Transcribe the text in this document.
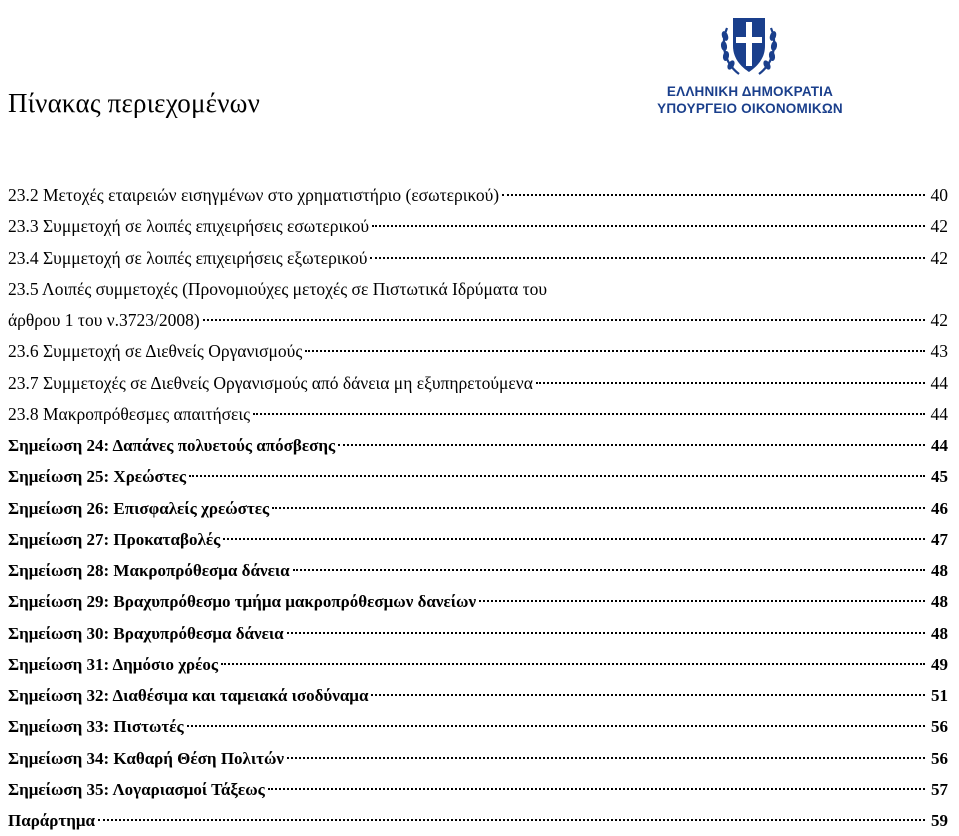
Πίνακας περιεχομένων	ΕΛΛΗΝΙΚΗ ΔΗΜΟΚΡΑΤΙΑ
ΥΠΟΥΡΓΕΙΟ ΟΙΚΟΝΟΜΙΚΩΝ
23.2 Μετοχές εταιρειών εισηγμένων στο χρηματιστήριο (εσωτερικού)	40
23.3 Συμμετοχή σε λοιπές επιχειρήσεις εσωτερικού	42
23.4 Συμμετοχή σε λοιπές επιχειρήσεις εξωτερικού	42
23.5 Λοιπές συμμετοχές (Προνομιούχες μετοχές σε Πιστωτικά Ιδρύματα του
άρθρου 1 του ν.3723/2008)	42
23.6 Συμμετοχή σε Διεθνείς Οργανισμούς	43
23.7 Συμμετοχές σε Διεθνείς Οργανισμούς από δάνεια μη εξυπηρετούμενα	44
23.8 Μακροπρόθεσμες απαιτήσεις	44
Σημείωση 24: Δαπάνες πολυετούς απόσβεσης	44
Σημείωση 25: Χρεώστες	45
Σημείωση 26: Επισφαλείς χρεώστες	46
Σημείωση 27: Προκαταβολές	47
Σημείωση 28: Μακροπρόθεσμα δάνεια	48
Σημείωση 29: Βραχυπρόθεσμο τμήμα μακροπρόθεσμων δανείων	48
Σημείωση 30: Βραχυπρόθεσμα δάνεια	48
Σημείωση 31: Δημόσιο χρέος	49
Σημείωση 32: Διαθέσιμα και ταμειακά ισοδύναμα	51
Σημείωση 33: Πιστωτές	56
Σημείωση 34: Καθαρή Θέση Πολιτών	56
Σημείωση 35: Λογαριασμοί Τάξεως	57
Παράρτημα	59
